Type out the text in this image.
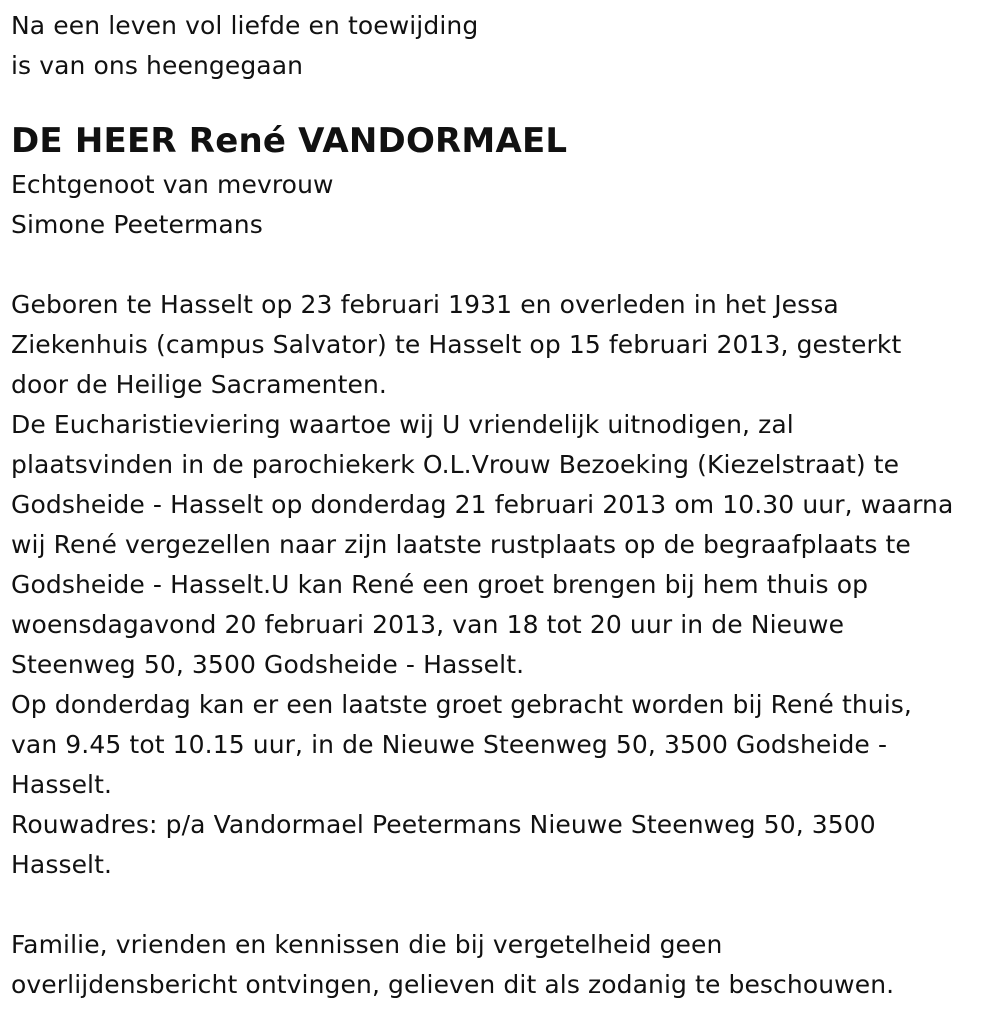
Na een leven vol liefde en toewijding
is van ons heengegaan
DE HEER René VANDORMAEL
Echtgenoot van mevrouw
Simone Peetermans
Geboren te Hasselt op 23 februari 1931 en overleden in het Jessa
Ziekenhuis (campus Salvator) te Hasselt op 15 februari 2013, gesterkt
door de Heilige Sacramenten.
De Eucharistieviering waartoe wij U vriendelijk uitnodigen, zal
plaatsvinden in de parochiekerk O.L.Vrouw Bezoeking (Kiezelstraat) te
Godsheide - Hasselt op donderdag 21 februari 2013 om 10.30 uur, waarna
wij René vergezellen naar zijn laatste rustplaats op de begraafplaats te
Godsheide - Hasselt.U kan René een groet brengen bij hem thuis op
woensdagavond 20 februari 2013, van 18 tot 20 uur in de Nieuwe
Steenweg 50, 3500 Godsheide - Hasselt.
Op donderdag kan er een laatste groet gebracht worden bij René thuis,
van 9.45 tot 10.15 uur, in de Nieuwe Steenweg 50, 3500 Godsheide -
Hasselt.
Rouwadres: p/a Vandormael Peetermans Nieuwe Steenweg 50, 3500
Hasselt.
Familie, vrienden en kennissen die bij vergetelheid geen
overlijdensbericht ontvingen, gelieven dit als zodanig te beschouwen.
